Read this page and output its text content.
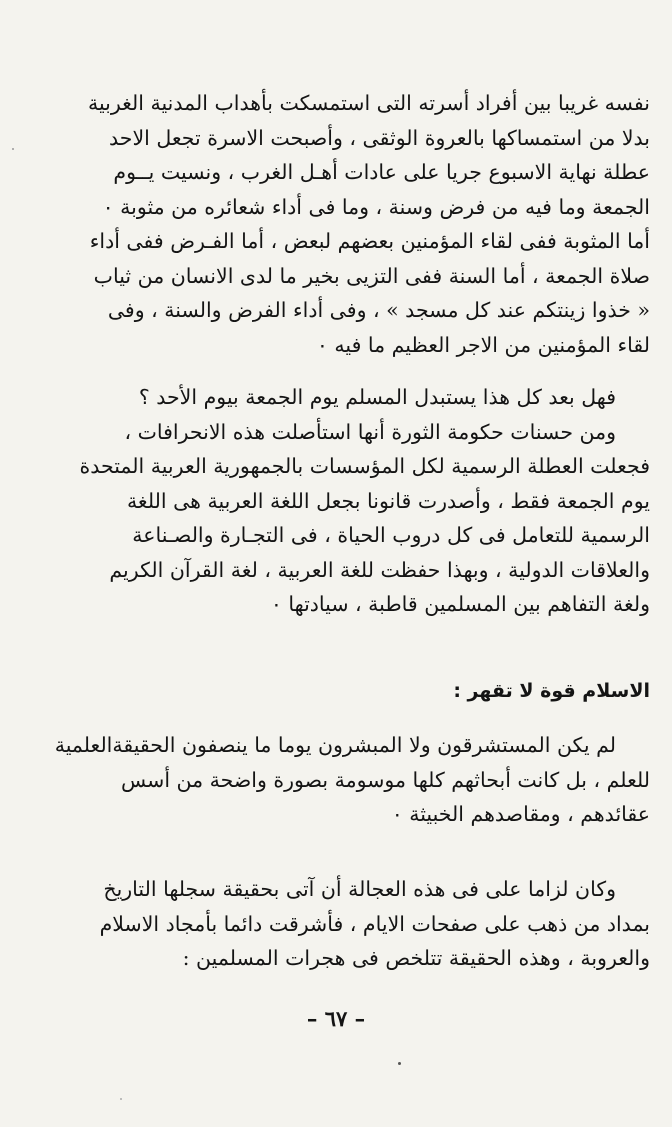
نفسه غريبا بين أفراد أسرته التى استمسكت بأهداب المدنية الغربية
بدلا من استمساكها بالعروة الوثقى ، وأصبحت الاسرة تجعل الاحد
عطلة نهاية الاسبوع جريا على عادات أهـل الغرب ، ونسيت يــوم
الجمعة وما فيه من فرض وسنة ، وما فى أداء شعائره من مثوبة ٠
أما المثوبة ففى لقاء المؤمنين بعضهم لبعض ، أما الفـرض ففى أداء
صلاة الجمعة ، أما السنة ففى التزيى بخير ما لدى الانسان من ثياب
« خذوا زينتكم عند كل مسجد » ، وفى أداء الفرض والسنة ، وفى
لقاء المؤمنين من الاجر العظيم ما فيه ٠
فهل بعد كل هذا يستبدل المسلم يوم الجمعة بيوم الأحد ؟
ومن حسنات حكومة الثورة أنها استأصلت هذه الانحرافات ،
فجعلت العطلة الرسمية لكل المؤسسات بالجمهورية العربية المتحدة
يوم الجمعة فقط ، وأصدرت قانونا بجعل اللغة العربية هى اللغة
الرسمية للتعامل فى كل دروب الحياة ، فى التجـارة والصـناعة
والعلاقات الدولية ، وبهذا حفظت للغة العربية ، لغة القرآن الكريم
ولغة التفاهم بين المسلمين قاطبة ، سيادتها ٠
الاسلام قوة لا تقهر :
لم يكن المستشرقون ولا المبشرون يوما ما ينصفون الحقيقةالعلمية
للعلم ، بل كانت أبحاثهم كلها موسومة بصورة واضحة من أسس
عقائدهم ، ومقاصدهم الخبيثة ٠
وكان لزاما على فى هذه العجالة أن آتى بحقيقة سجلها التاريخ
بمداد من ذهب على صفحات الايام ، فأشرقت دائما بأمجاد الاسلام
والعروبة ، وهذه الحقيقة تتلخص فى هجرات المسلمين :

– ٦٧ –
